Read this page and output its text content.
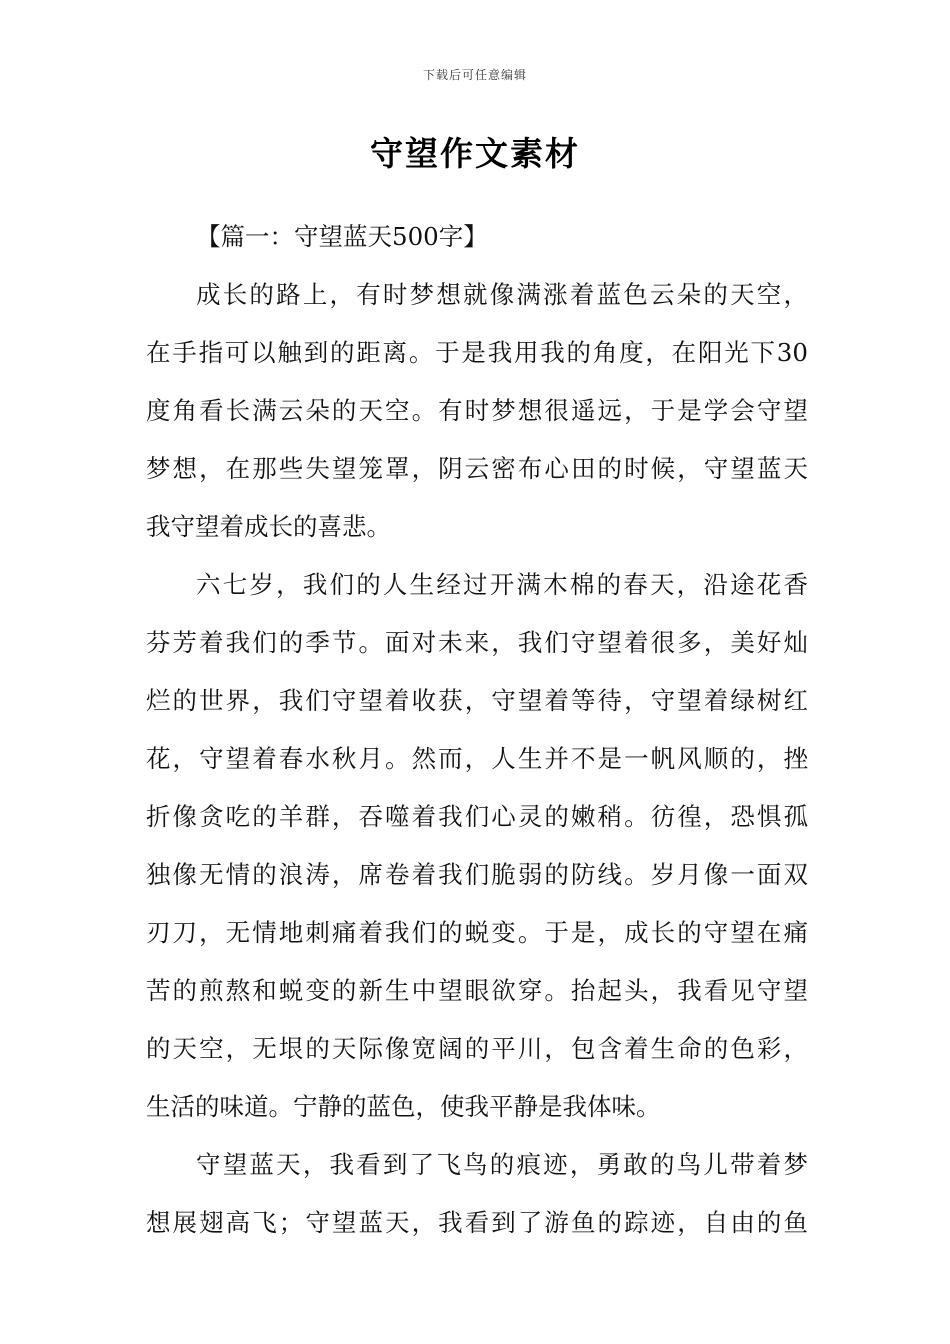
下载后可任意编辑
守望作文素材
【篇一：守望蓝天500字】
成长的路上，有时梦想就像满涨着蓝色云朵的天空，
在手指可以触到的距离。于是我用我的角度，在阳光下30
度角看长满云朵的天空。有时梦想很遥远，于是学会守望
梦想，在那些失望笼罩，阴云密布心田的时候，守望蓝天
我守望着成长的喜悲。
六七岁，我们的人生经过开满木棉的春天，沿途花香
芬芳着我们的季节。面对未来，我们守望着很多，美好灿
烂的世界，我们守望着收获，守望着等待，守望着绿树红
花，守望着春水秋月。然而，人生并不是一帆风顺的，挫
折像贪吃的羊群，吞噬着我们心灵的嫩稍。彷徨，恐惧孤
独像无情的浪涛，席卷着我们脆弱的防线。岁月像一面双
刃刀，无情地刺痛着我们的蜕变。于是，成长的守望在痛
苦的煎熬和蜕变的新生中望眼欲穿。抬起头，我看见守望
的天空，无垠的天际像宽阔的平川，包含着生命的色彩，
生活的味道。宁静的蓝色，使我平静是我体味。
守望蓝天，我看到了飞鸟的痕迹，勇敢的鸟儿带着梦
想展翅高飞；守望蓝天，我看到了游鱼的踪迹，自由的鱼
